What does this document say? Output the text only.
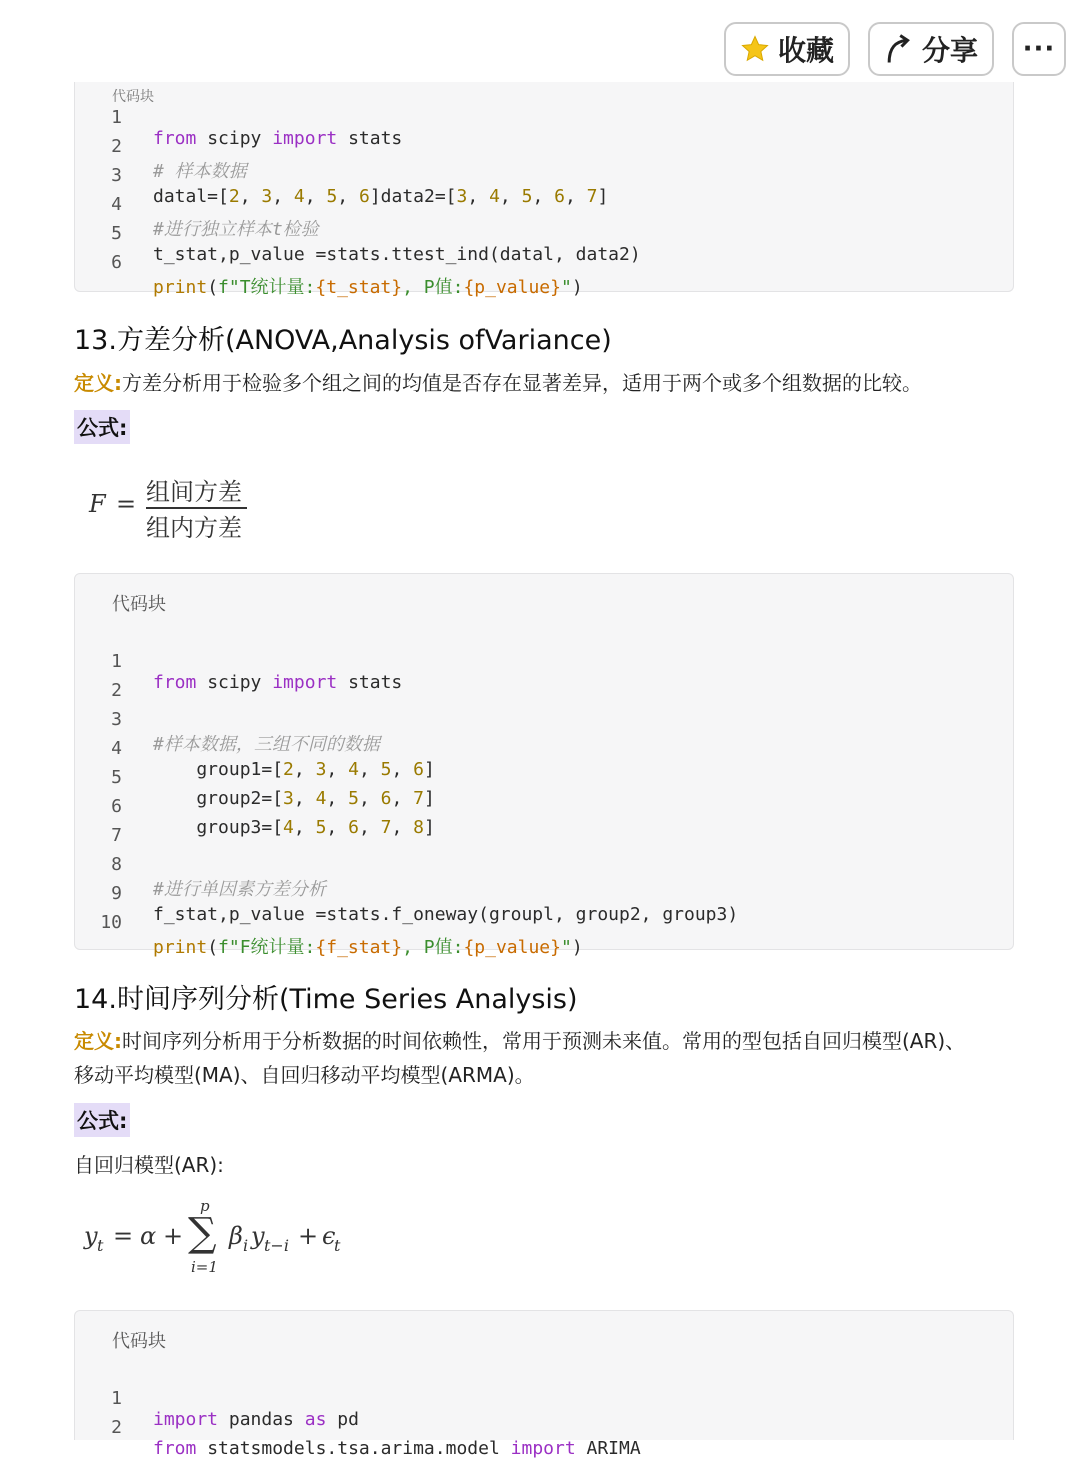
收藏	分享 ···
代码块

1

from scipy import stats

2

# 样本数据

3

datal=[2, 3, 4, 5, 6]data2=[3, 4, 5, 6, 7]

4

#进行独立样本t检验

5

t_stat,p_value =stats.ttest_ind(datal, data2)

6

print(f"T统计量:{t_stat}, P值:{p_value}")

13.方差分析(ANOVA,Analysis ofVariance)
定义:方差分析用于检验多个组之间的均值是否存在显著差异，适用于两个或多个组数据的比较。
公式:
F = 组间方差
组内方差
代码块

1

from scipy import stats

2

3

#样本数据，三组不同的数据

4

group1=[2, 3, 4, 5, 6]

5

group2=[3, 4, 5, 6, 7]

6

group3=[4, 5, 6, 7, 8]

7

8

#进行单因素方差分析

9

f_stat,p_value =stats.f_oneway(groupl, group2, group3)

10

print(f"F统计量:{f_stat}, P值:{p_value}")

14.时间序列分析(Time Series Analysis)
定义:时间序列分析用于分析数据的时间依赖性，常用于预测未来值。常用的型包括自回归模型(AR)、
移动平均模型(MA)、自回归移动平均模型(ARMA)。
公式:
自回归模型(AR):
y t = α +
p
∑
i=1
β i y t−i + ϵ
t
代码块

1

import pandas as pd

2

from statsmodels.tsa.arima.model import ARIMA
